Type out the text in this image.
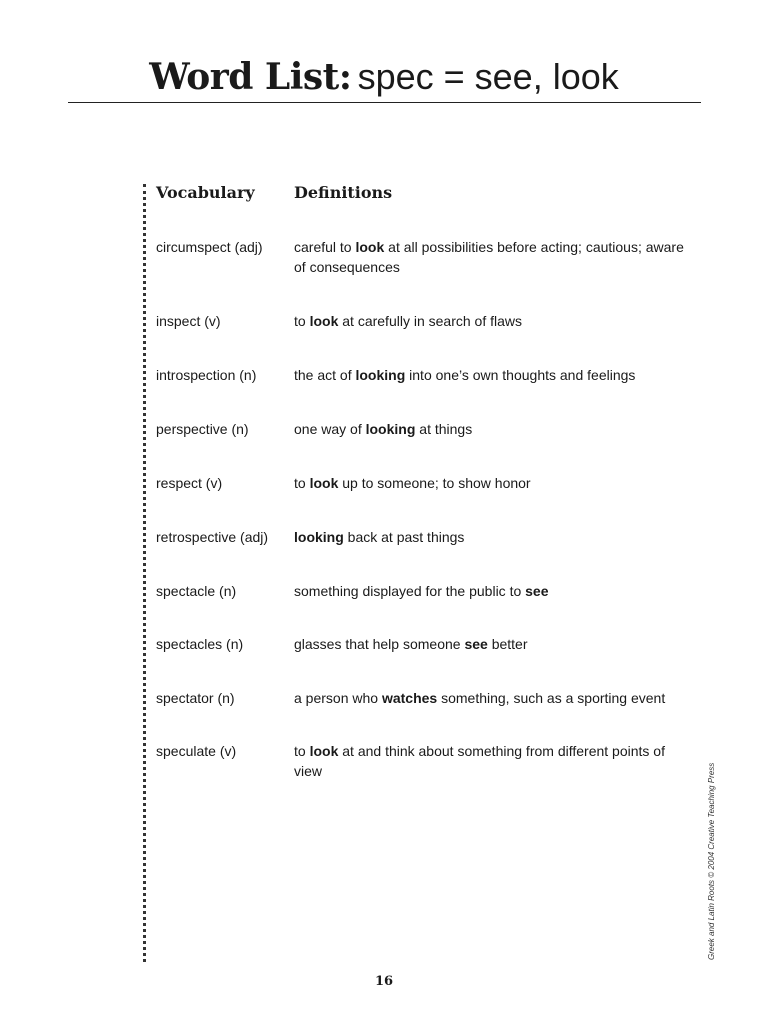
Word List: spec = see, look
Vocabulary Definitions
circumspect (adj)	careful to look at all possibilities before acting; cautious; aware of consequences
inspect (v)	to look at carefully in search of flaws
introspection (n)	the act of looking into one’s own thoughts and feelings
perspective (n)	one way of looking at things
respect (v)	to look up to someone; to show honor
retrospective (adj)	looking back at past things
spectacle (n)	something displayed for the public to see
spectacles (n)	glasses that help someone see better
spectator (n)	a person who watches something, such as a sporting event
speculate (v)	to look at and think about something from different points of view	Greek and Latin Roots © 2004 Creative Teaching Press
16
